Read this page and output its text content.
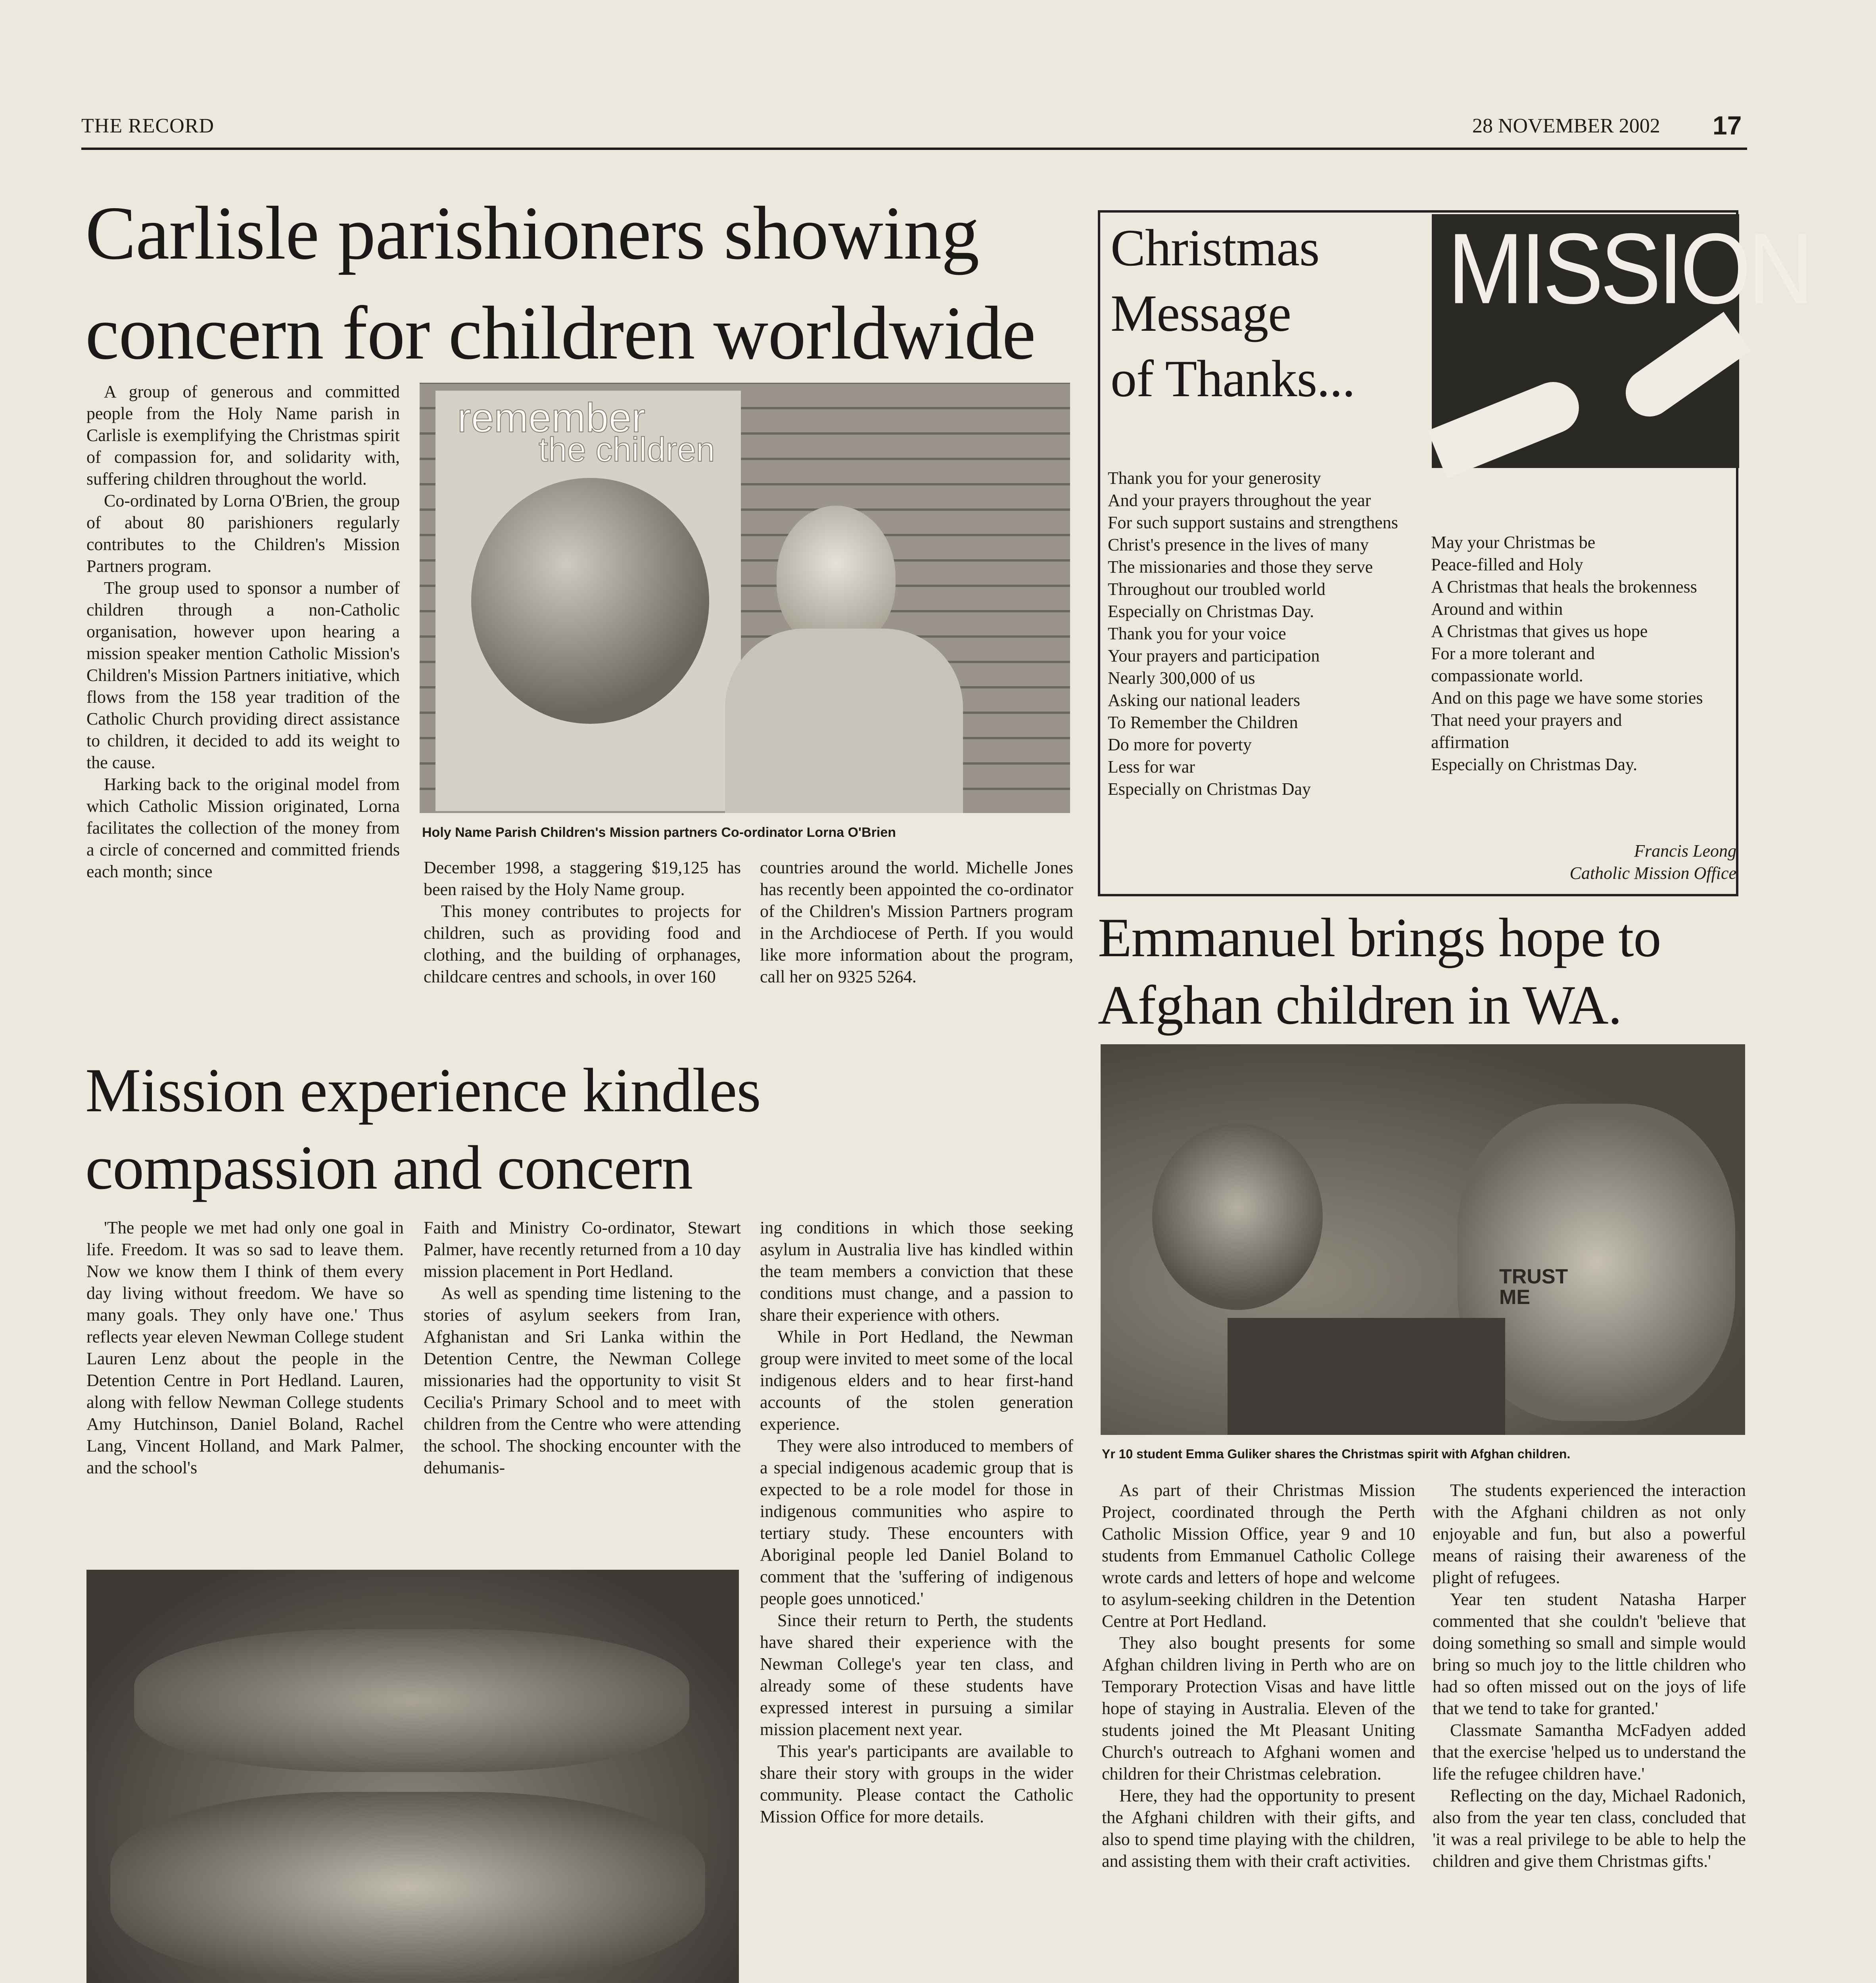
THE RECORD	28 NOVEMBER 2002 17
Carlisle parishioners showing
concern for children worldwide

A group of generous and committed people from the Holy Name parish in Carlisle is exemplifying the Christmas spirit of compassion for, and solidarity with, suffering children throughout the world.

Co-ordinated by Lorna O'Brien, the group of about 80 parishioners regularly contributes to the Children's Mission Partners program.

The group used to sponsor a number of children through a non-Catholic organisation, however upon hearing a mission speaker mention Catholic Mission's Children's Mission Partners initiative, which flows from the 158 year tradition of the Catholic Church providing direct assistance to children, it decided to add its weight to the cause.

Harking back to the original model from which Catholic Mission originated, Lorna facilitates the collection of the money from a circle of concerned and committed friends each month; since

remember
the children
Holy Name Parish Children's Mission partners Co-ordinator Lorna O'Brien

December 1998, a staggering $19,125 has been raised by the Holy Name group.

This money contributes to projects for children, such as providing food and clothing, and the building of orphanages, childcare centres and schools, in over 160

countries around the world. Michelle Jones has recently been appointed the co-ordinator of the Children's Mission Partners program in the Archdiocese of Perth. If you would like more information about the program, call her on 9325 5264.

Christmas
Message
of Thanks...
MISSION

Thank you for your generosity

And your prayers throughout the year

For such support sustains and strengthens

Christ's presence in the lives of many

The missionaries and those they serve

Throughout our troubled world

Especially on Christmas Day.

Thank you for your voice

Your prayers and participation

Nearly 300,000 of us

Asking our national leaders

To Remember the Children

Do more for poverty

Less for war

Especially on Christmas Day

May your Christmas be

Peace-filled and Holy

A Christmas that heals the brokenness

Around and within

A Christmas that gives us hope

For a more tolerant and

compassionate world.

And on this page we have some stories

That need your prayers and

affirmation

Especially on Christmas Day.

Francis Leong
Catholic Mission Office
Emmanuel brings hope to
Afghan children in WA.
TRUST ME
Yr 10 student Emma Guliker shares the Christmas spirit with Afghan children.

As part of their Christmas Mission Project, coordinated through the Perth Catholic Mission Office, year 9 and 10 students from Emmanuel Catholic College wrote cards and letters of hope and welcome to asylum-seeking children in the Detention Centre at Port Hedland.

They also bought presents for some Afghan children living in Perth who are on Temporary Protection Visas and have little hope of staying in Australia. Eleven of the students joined the Mt Pleasant Uniting Church's outreach to Afghani women and children for their Christmas celebration.

Here, they had the opportunity to present the Afghani children with their gifts, and also to spend time playing with the children, and assisting them with their craft activities.

The students experienced the interaction with the Afghani children as not only enjoyable and fun, but also a powerful means of raising their awareness of the plight of refugees.

Year ten student Natasha Harper commented that she couldn't 'believe that doing something so small and simple would bring so much joy to the little children who had so often missed out on the joys of life that we tend to take for granted.'

Classmate Samantha McFadyen added that the exercise 'helped us to understand the life the refugee children have.'

Reflecting on the day, Michael Radonich, also from the year ten class, concluded that 'it was a real privilege to be able to help the children and give them Christmas gifts.'

Mission experience kindles
compassion and concern

'The people we met had only one goal in life. Freedom. It was so sad to leave them. Now we know them I think of them every day living without freedom. We have so many goals. They only have one.' Thus reflects year eleven Newman College student Lauren Lenz about the people in the Detention Centre in Port Hedland. Lauren, along with fellow Newman College students Amy Hutchinson, Daniel Boland, Rachel Lang, Vincent Holland, and Mark Palmer, and the school's

Faith and Ministry Co-ordinator, Stewart Palmer, have recently returned from a 10 day mission placement in Port Hedland.

As well as spending time listening to the stories of asylum seekers from Iran, Afghanistan and Sri Lanka within the Detention Centre, the Newman College missionaries had the opportunity to visit St Cecilia's Primary School and to meet with children from the Centre who were attending the school. The shocking encounter with the dehumanis-

ing conditions in which those seeking asylum in Australia live has kindled within the team members a conviction that these conditions must change, and a passion to share their experience with others.

While in Port Hedland, the Newman group were invited to meet some of the local indigenous elders and to hear first-hand accounts of the stolen generation experience.

They were also introduced to members of a special indigenous academic group that is expected to be a role model for those in indigenous communities who aspire to tertiary study. These encounters with Aboriginal people led Daniel Boland to comment that the 'suffering of indigenous people goes unnoticed.'

Since their return to Perth, the students have shared their experience with the Newman College's year ten class, and already some of these students have expressed interest in pursuing a similar mission placement next year.

This year's participants are available to share their story with groups in the wider community. Please contact the Catholic Mission Office for more details.
